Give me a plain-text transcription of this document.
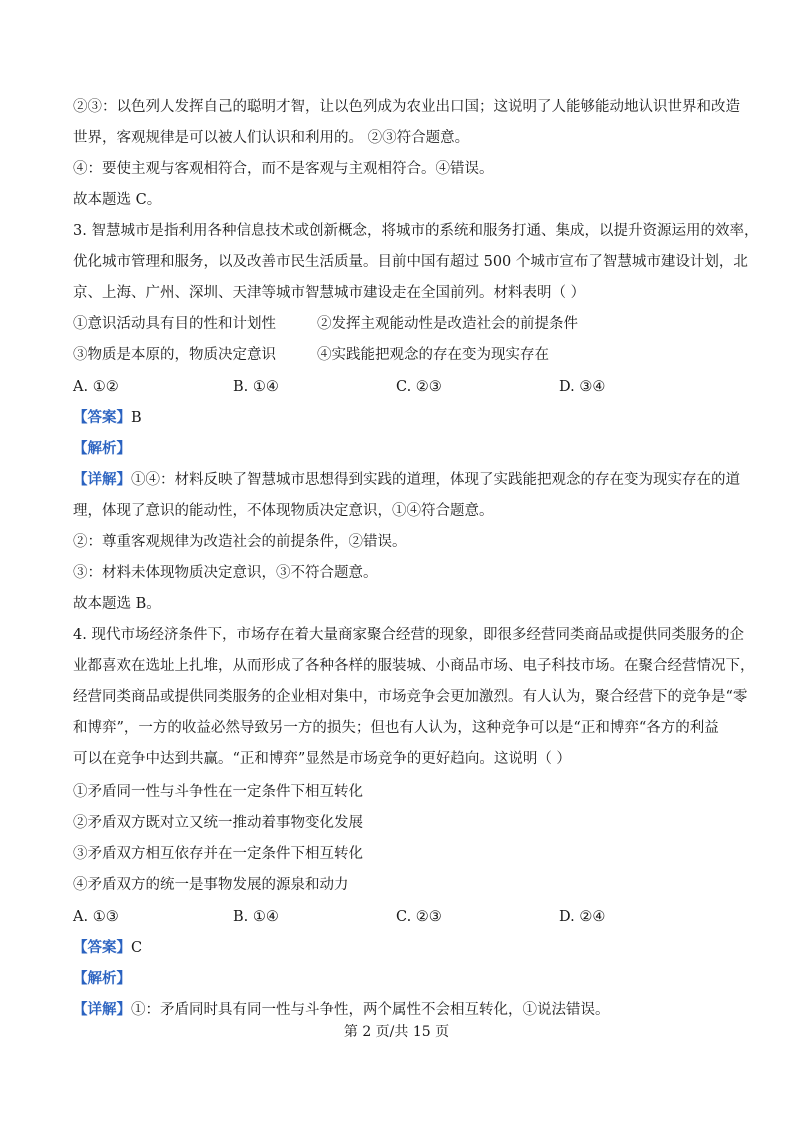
②③：以色列人发挥自己的聪明才智，让以色列成为农业出口国；这说明了人能够能动地认识世界和改造
世界，客观规律是可以被人们认识和利用的。 ②③符合题意。
④：要使主观与客观相符合，而不是客观与主观相符合。④错误。
故本题选 C。
3. 智慧城市是指利用各种信息技术或创新概念，将城市的系统和服务打通、集成，以提升资源运用的效率，
优化城市管理和服务，以及改善市民生活质量。目前中国有超过 500 个城市宣布了智慧城市建设计划，北
京、上海、广州、深圳、天津等城市智慧城市建设走在全国前列。材料表明（ ）
①意识活动具有目的性和计划性	②发挥主观能动性是改造社会的前提条件
③物质是本原的，物质决定意识	④实践能把观念的存在变为现实存在
A. ①②	B. ①④	C. ②③	D. ③④
【答案】B
【解析】
【详解】①④：材料反映了智慧城市思想得到实践的道理，体现了实践能把观念的存在变为现实存在的道
理，体现了意识的能动性，不体现物质决定意识，①④符合题意。
②：尊重客观规律为改造社会的前提条件，②错误。
③：材料未体现物质决定意识，③不符合题意。
故本题选 B。
4. 现代市场经济条件下，市场存在着大量商家聚合经营的现象，即很多经营同类商品或提供同类服务的企
业都喜欢在选址上扎堆，从而形成了各种各样的服装城、小商品市场、电子科技市场。在聚合经营情况下，
经营同类商品或提供同类服务的企业相对集中，市场竞争会更加激烈。有人认为，聚合经营下的竞争是“零
和博弈”，一方的收益必然导致另一方的损失；但也有人认为，这种竞争可以是“正和博弈“各方的利益
可以在竞争中达到共赢。“正和博弈”显然是市场竞争的更好趋向。这说明（ ）
①矛盾同一性与斗争性在一定条件下相互转化
②矛盾双方既对立又统一推动着事物变化发展
③矛盾双方相互依存并在一定条件下相互转化
④矛盾双方的统一是事物发展的源泉和动力
A. ①③	B. ①④	C. ②③	D. ②④
【答案】C
【解析】
【详解】①：矛盾同时具有同一性与斗争性，两个属性不会相互转化，①说法错误。
第 2 页/共 15 页
